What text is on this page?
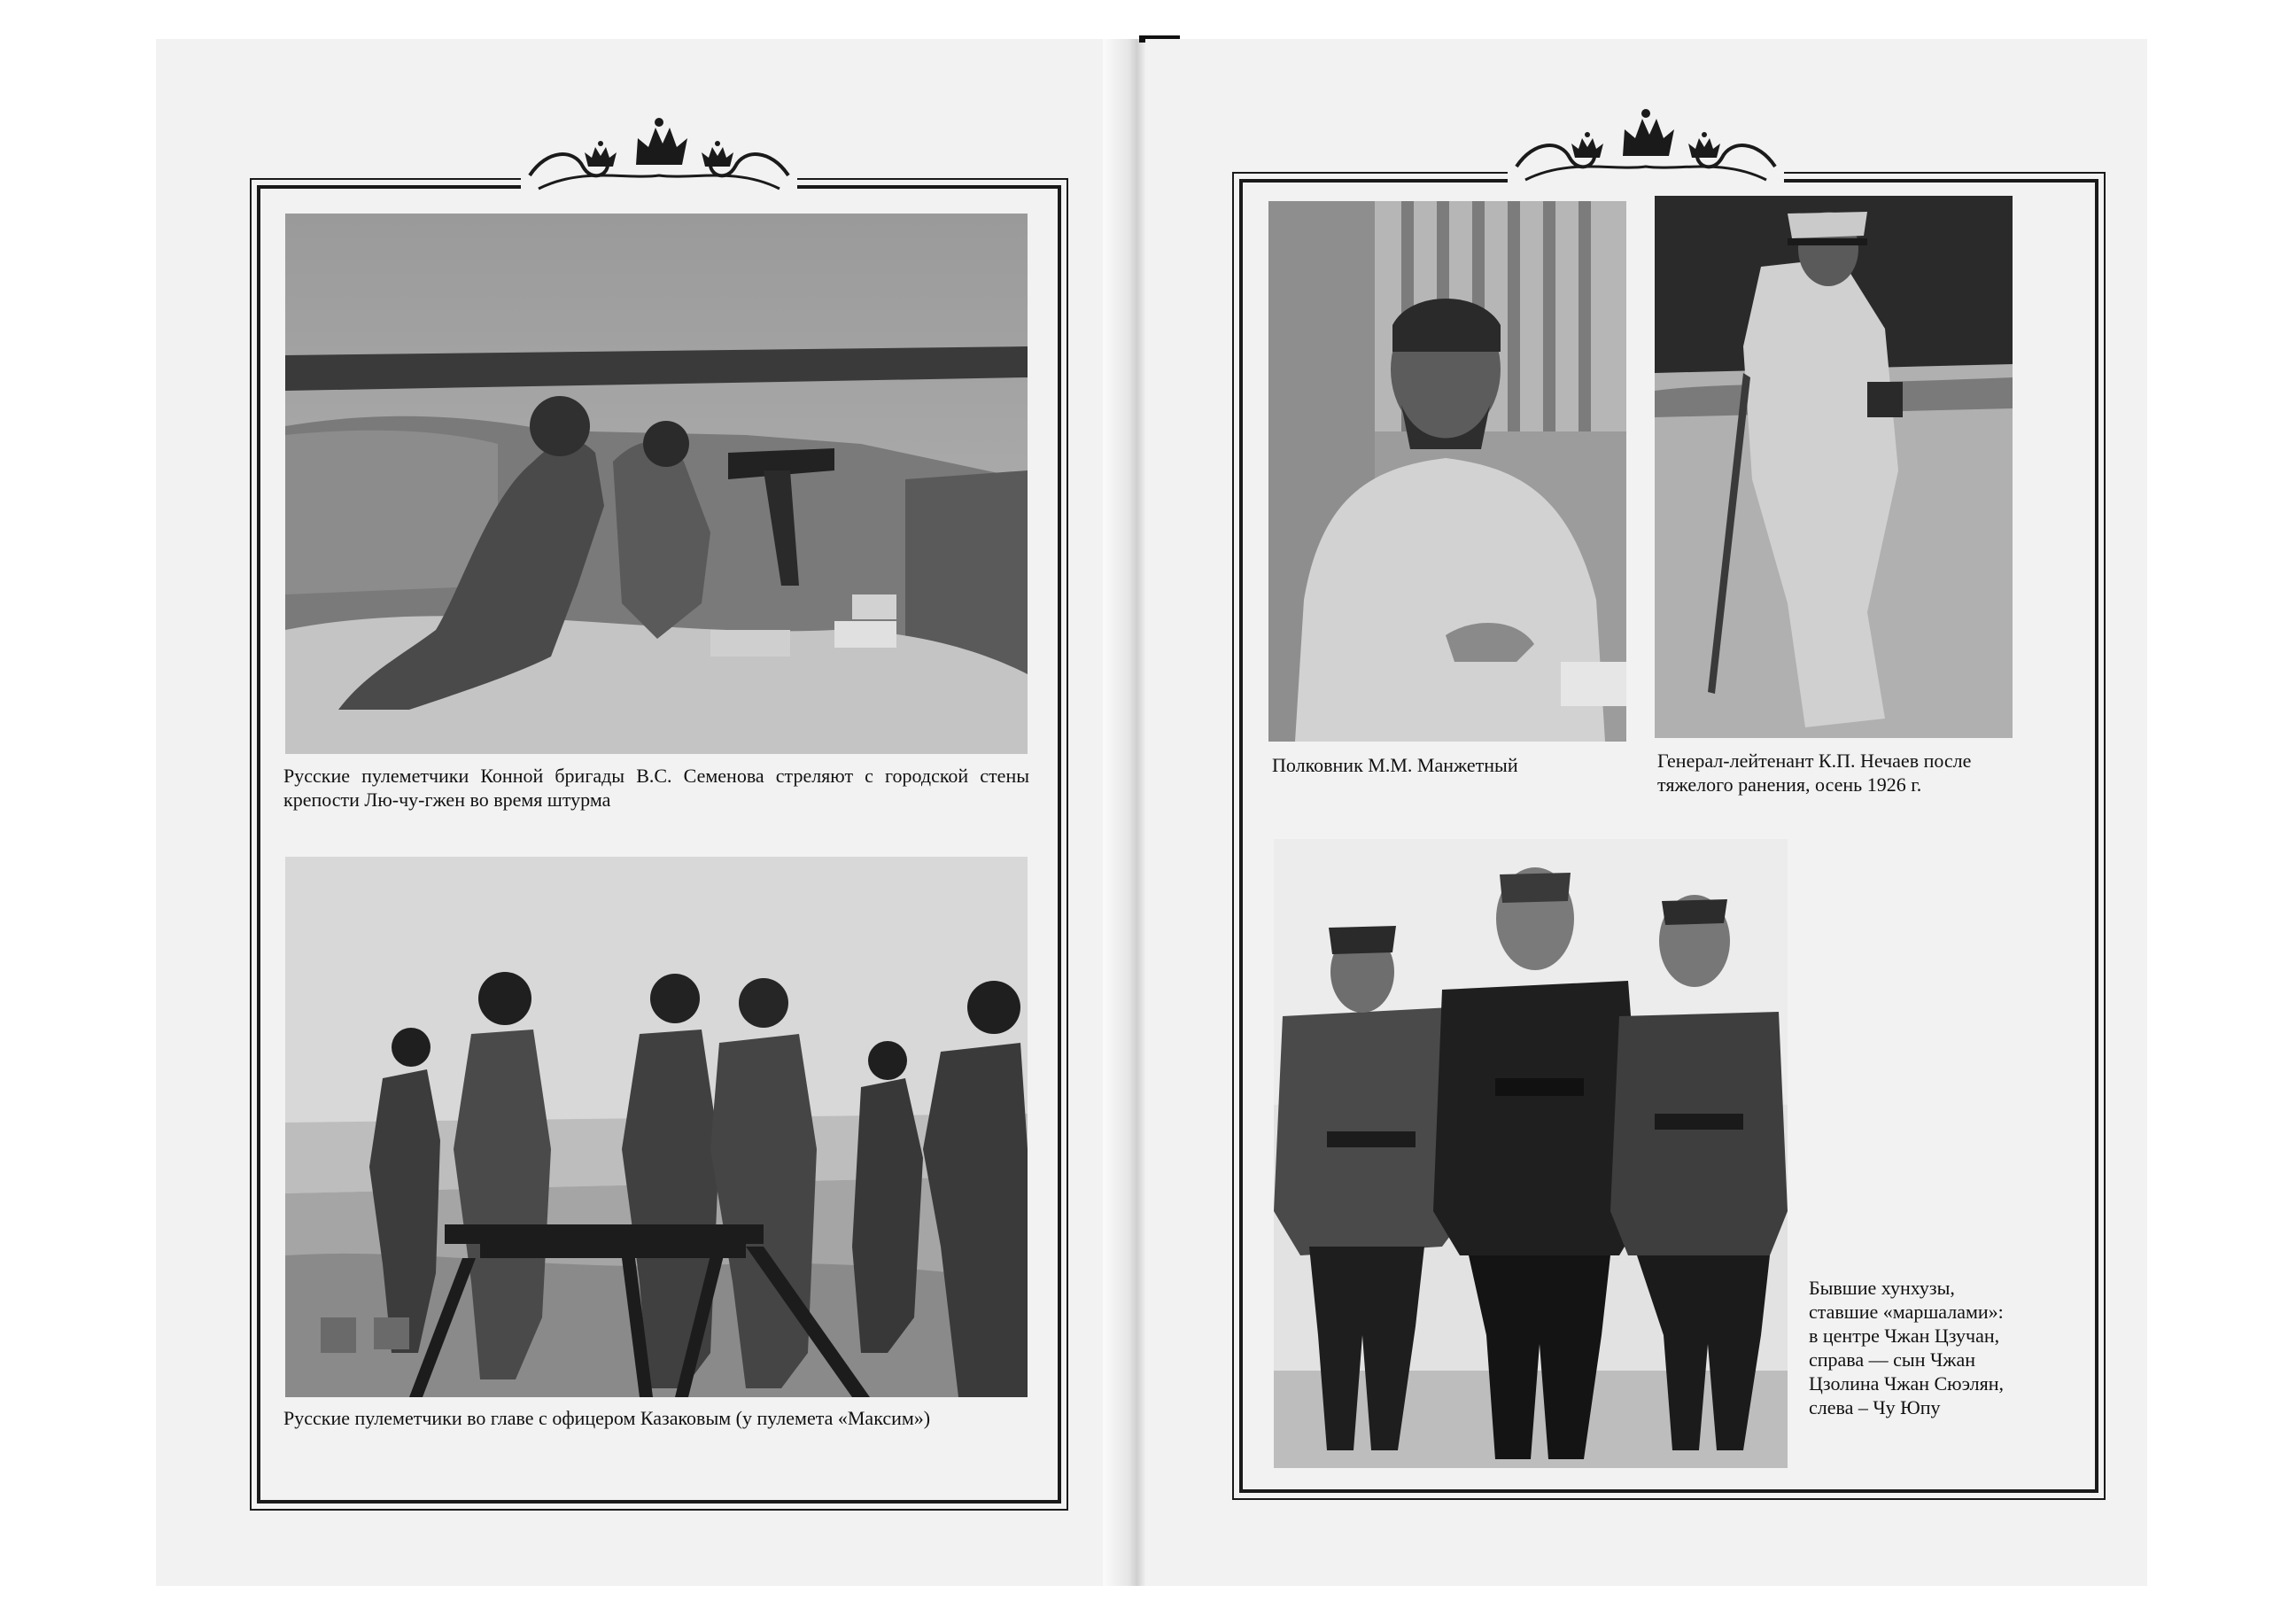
Русские пулеметчики Конной бригады В.С. Семенова стреляют с городской стены крепости Лю-чу-гжен во время штурма
Русские пулеметчики во главе с офицером Казаковым (у пулемета «Максим»)
Полковник М.М. Манжетный	Генерал-лейтенант К.П. Нечаев после тяжелого ранения, осень 1926 г.
Бывшие хунхузы, ставшие «маршалами»: в центре Чжан Цзучан, справа — сын Чжан Цзолина Чжан Сюэлян, слева – Чу Юпу
